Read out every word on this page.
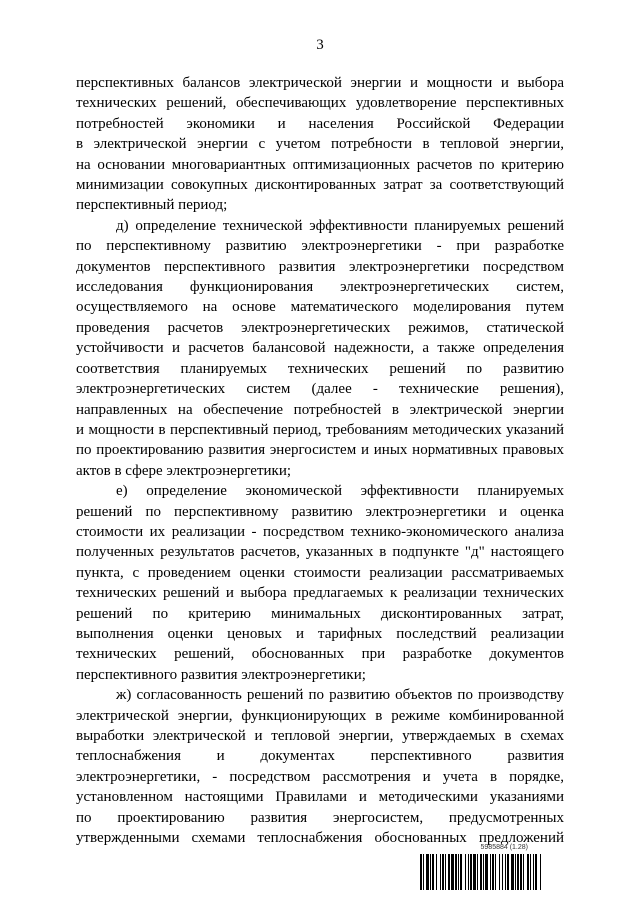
3

перспективных балансов электрической энергии и мощности и выбора
технических решений, обеспечивающих удовлетворение перспективных
потребностей экономики и населения Российской Федерации
в электрической энергии с учетом потребности в тепловой энергии,
на основании многовариантных оптимизационных расчетов по критерию
минимизации совокупных дисконтированных затрат за соответствующий
перспективный период;

д) определение технической эффективности планируемых решений
по перспективному развитию электроэнергетики - при разработке
документов перспективного развития электроэнергетики посредством
исследования функционирования электроэнергетических систем,
осуществляемого на основе математического моделирования путем
проведения расчетов электроэнергетических режимов, статической
устойчивости и расчетов балансовой надежности, а также определения
соответствия планируемых технических решений по развитию
электроэнергетических систем (далее - технические решения),
направленных на обеспечение потребностей в электрической энергии
и мощности в перспективный период, требованиям методических указаний
по проектированию развития энергосистем и иных нормативных правовых
актов в сфере электроэнергетики;

е) определение экономической эффективности планируемых
решений по перспективному развитию электроэнергетики и оценка
стоимости их реализации - посредством технико-экономического анализа
полученных результатов расчетов, указанных в подпункте "д" настоящего
пункта, с проведением оценки стоимости реализации рассматриваемых
технических решений и выбора предлагаемых к реализации технических
решений по критерию минимальных дисконтированных затрат,
выполнения оценки ценовых и тарифных последствий реализации
технических решений, обоснованных при разработке документов
перспективного развития электроэнергетики;

ж) согласованность решений по развитию объектов по производству
электрической энергии, функционирующих в режиме комбинированной
выработки электрической и тепловой энергии, утверждаемых в схемах
теплоснабжения и документах перспективного развития
электроэнергетики, - посредством рассмотрения и учета в порядке,
установленном настоящими Правилами и методическими указаниями
по проектированию развития энергосистем, предусмотренных
утвержденными схемами теплоснабжения обоснованных предложений

5985884 (1.28)
